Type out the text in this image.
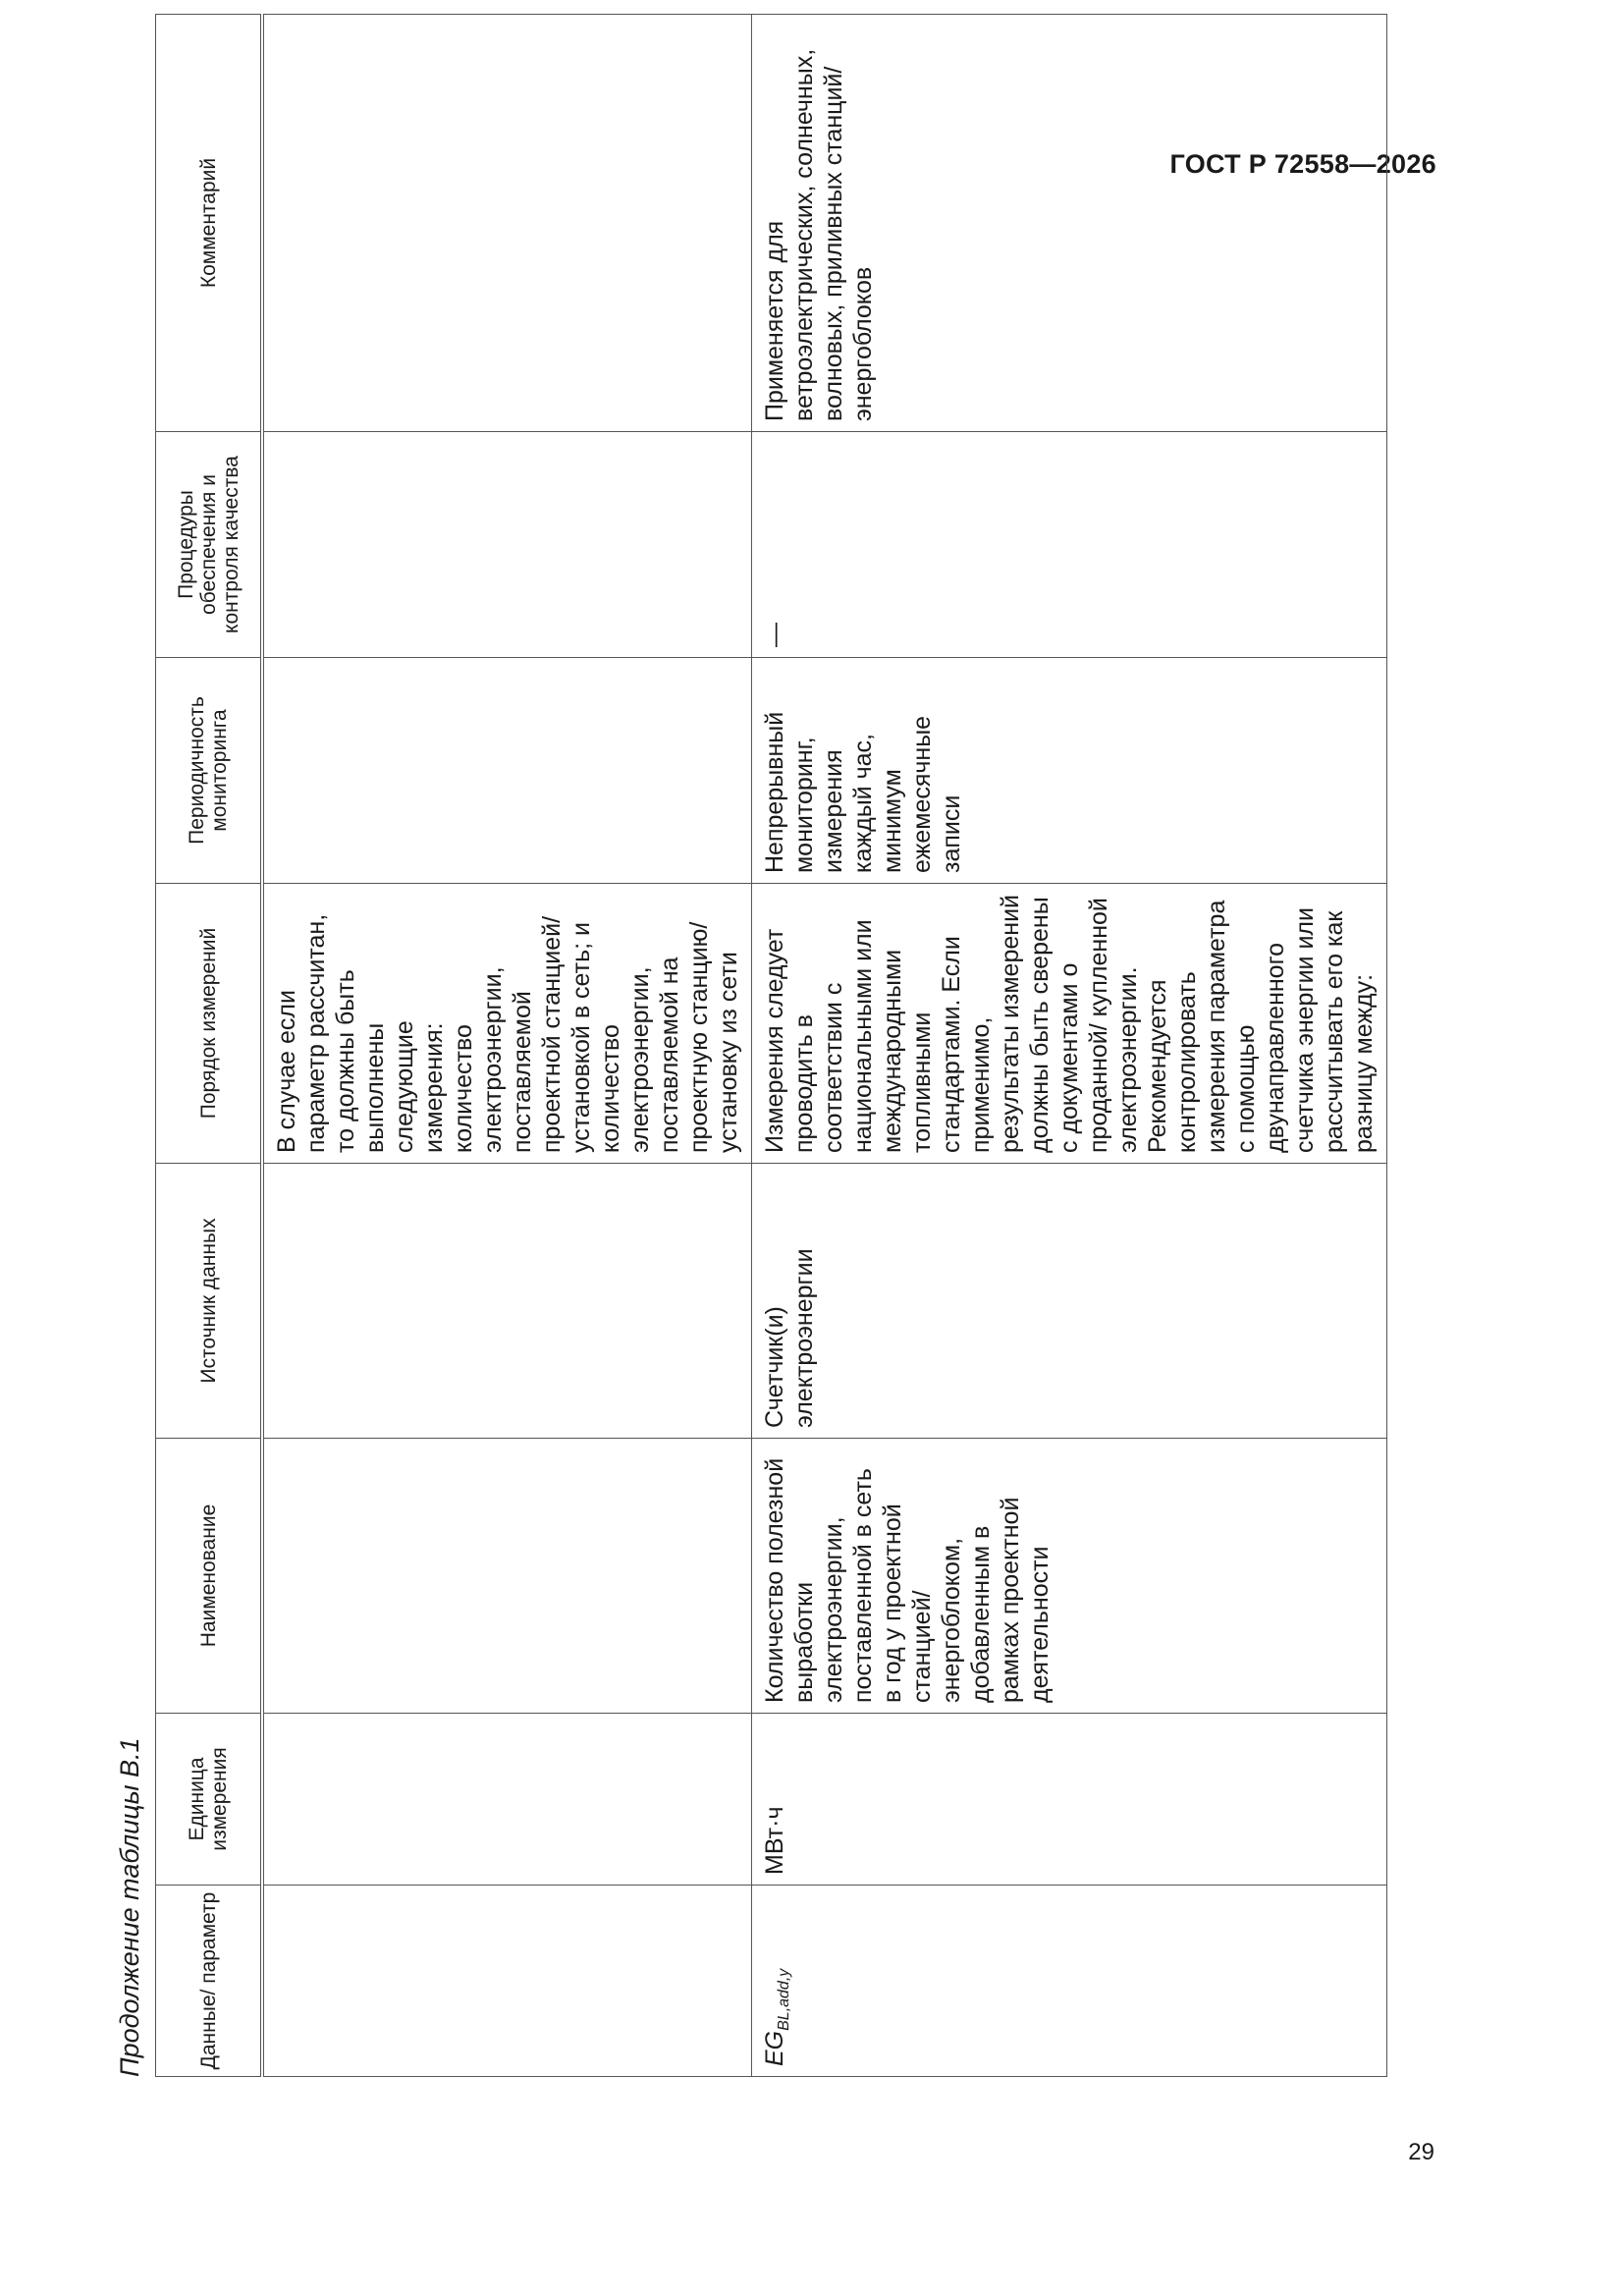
ГОСТ Р 72558—2026
Продолжение таблицы В.1	Данные/ параметр	Единица измерения	Наименование	Источник данных	Порядок измерений	Периодичность мониторинга	Процедуры обеспечения и контроля качества	Комментарий
				В случае если параметр рассчитан, то должны быть выполнены следующие измерения: количество электроэнергии, поставляемой проектной станцией/ установкой в сеть; и количество электроэнергии, поставляемой на проектную станцию/ установку из сети			
$EG_{BL,add,y}$	МВт·ч	Количество полезной выработки электроэнергии, поставленной в сеть в год у проектной станцией/энергоблоком, добавленным в рамках проектной деятельности	Счетчик(и) электроэнергии	Измерения следует проводить в соответствии с национальными или международными топливными стандартами. Если применимо, результаты измерений должны быть сверены с документами о проданной/ купленной электроэнергии. Рекомендуется контролировать измерения параметра с помощью двунаправленного счетчика энергии или рассчитывать его как разницу между:	Непрерывный мониторинг, измерения каждый час, минимум ежемесячные записи	—	Применяется для ветроэлектрических, солнечных, волновых, приливных станций/ энергоблоков
29
